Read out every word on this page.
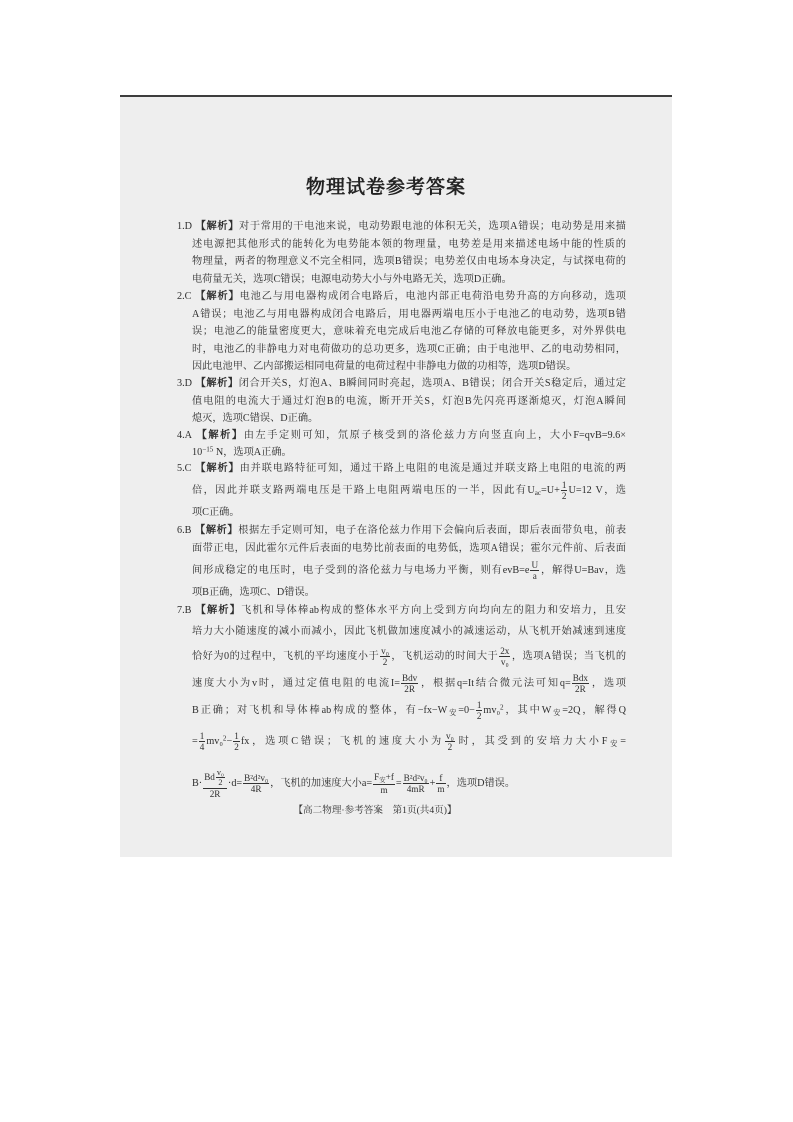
物理试卷参考答案
1.D 【解析】对于常用的干电池来说，电动势跟电池的体积无关，选项A错误；电动势是用来描
述电源把其他形式的能转化为电势能本领的物理量，电势差是用来描述电场中能的性质的
物理量，两者的物理意义不完全相同，选项B错误；电势差仅由电场本身决定，与试探电荷的
电荷量无关，选项C错误；电源电动势大小与外电路无关，选项D正确。
2.C 【解析】电池乙与用电器构成闭合电路后，电池内部正电荷沿电势升高的方向移动，选项
A错误；电池乙与用电器构成闭合电路后，用电器两端电压小于电池乙的电动势，选项B错
误；电池乙的能量密度更大，意味着充电完成后电池乙存储的可释放电能更多，对外界供电
时，电池乙的非静电力对电荷做功的总功更多，选项C正确；由于电池甲、乙的电动势相同，
因此电池甲、乙内部搬运相同电荷量的电荷过程中非静电力做的功相等，选项D错误。
3.D 【解析】闭合开关S，灯泡A、B瞬间同时亮起，选项A、B错误；闭合开关S稳定后，通过定
值电阻的电流大于通过灯泡B的电流，断开开关S，灯泡B先闪亮再逐渐熄灭，灯泡A瞬间
熄灭，选项C错误、D正确。
4.A 【解析】由左手定则可知，氘原子核受到的洛伦兹力方向竖直向上，大小F=qvB=9.6×
$10^{-15}$ N，选项A正确。
5.C 【解析】由并联电路特征可知，通过干路上电阻的电流是通过并联支路上电阻的电流的两
倍，因此并联支路两端电压是干路上电阻两端电压的一半，因此有$U_{ac}=U+ \frac{1}{2} U=12$ V，选
项C正确。
6.B 【解析】根据左手定则可知，电子在洛伦兹力作用下会偏向后表面，即后表面带负电，前表
面带正电，因此霍尔元件后表面的电势比前表面的电势低，选项A错误；霍尔元件前、后表面
间形成稳定的电压时，电子受到的洛伦兹力与电场力平衡，则有$evB=e \frac{U}{a}$ ，解得U=Bav，选
项B正确，选项C、D错误。
7.B 【解析】飞机和导体棒ab构成的整体水平方向上受到方向均向左的阻力和安培力，且安
培力大小随速度的减小而减小，因此飞机做加速度减小的减速运动，从飞机开始减速到速度
恰好为0的过程中，飞机的平均速度小于 $\frac{\text{v₀}}{2}$ ，飞机运动的时间大于 $\frac{2x}{\text{v₀}}$ ，选项A错误；当飞机的
速度大小为v时，通过定值电阻的电流$I= \frac{\text{Bdv}}{2R}$ ，根据q=It结合微元法可知$q= \frac{\text{Bdx}}{2R}$ ，选项
B正确；对飞机和导体棒ab构成的整体，有$-fx-W_安=0- \frac{1}{2} mv_0^2$，其中$W_安=2Q$，解得Q
= $\frac{1}{4} mv_0^2- \frac{1}{2}$ fx，选项C错误；飞机的速度大小为 $\frac{\text{v₀}}{2}$ 时，其受到的安培力大小$F_安=$
$B\cdot \frac{Bd \frac{\text{v₀}}{2}}{2R} \cdot d= \frac{\text{B²d²v₀}}{4R}$ ，飞机的加速度大小$a= \frac{F_安+f}{m} = \frac{\text{B²d²v₀}}{4mR} + \frac{f}{m}$ ，选项D错误。
【高二物理·参考答案　第1页(共4页)】
